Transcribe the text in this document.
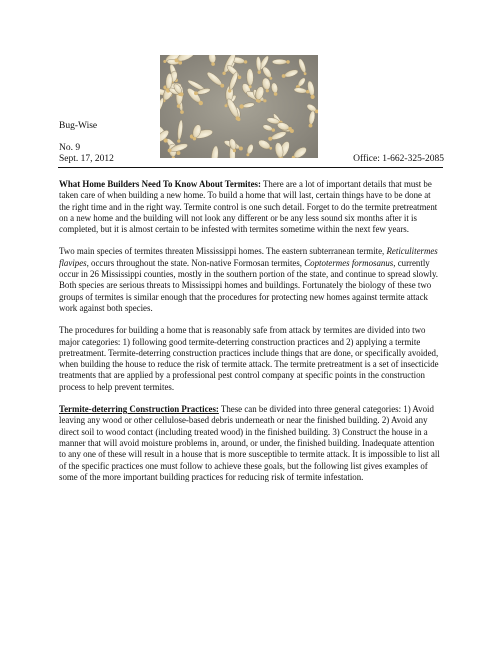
Bug-Wise
No. 9
Sept. 17, 2012	Office: 1-662-325-2085

What Home Builders Need To Know About Termites: There are a lot of important details that must be taken care of when building a new home. To build a home that will last, certain things have to be done at the right time and in the right way. Termite control is one such detail. Forget to do the termite pretreatment on a new home and the building will not look any different or be any less sound six months after it is completed, but it is almost certain to be infested with termites sometime within the next few years.

Two main species of termites threaten Mississippi homes. The eastern subterranean termite, Reticulitermes flavipes, occurs throughout the state. Non-native Formosan termites, Coptotermes formosanus, currently occur in 26 Mississippi counties, mostly in the southern portion of the state, and continue to spread slowly. Both species are serious threats to Mississippi homes and buildings. Fortunately the biology of these two groups of termites is similar enough that the procedures for protecting new homes against termite attack work against both species.

The procedures for building a home that is reasonably safe from attack by termites are divided into two major categories: 1) following good termite-deterring construction practices and 2) applying a termite pretreatment. Termite-deterring construction practices include things that are done, or specifically avoided, when building the house to reduce the risk of termite attack. The termite pretreatment is a set of insecticide treatments that are applied by a professional pest control company at specific points in the construction process to help prevent termites.

Termite-deterring Construction Practices: These can be divided into three general categories: 1) Avoid leaving any wood or other cellulose-based debris underneath or near the finished building. 2) Avoid any direct soil to wood contact (including treated wood) in the finished building. 3) Construct the house in a manner that will avoid moisture problems in, around, or under, the finished building. Inadequate attention to any one of these will result in a house that is more susceptible to termite attack. It is impossible to list all of the specific practices one must follow to achieve these goals, but the following list gives examples of some of the more important building practices for reducing risk of termite infestation.
